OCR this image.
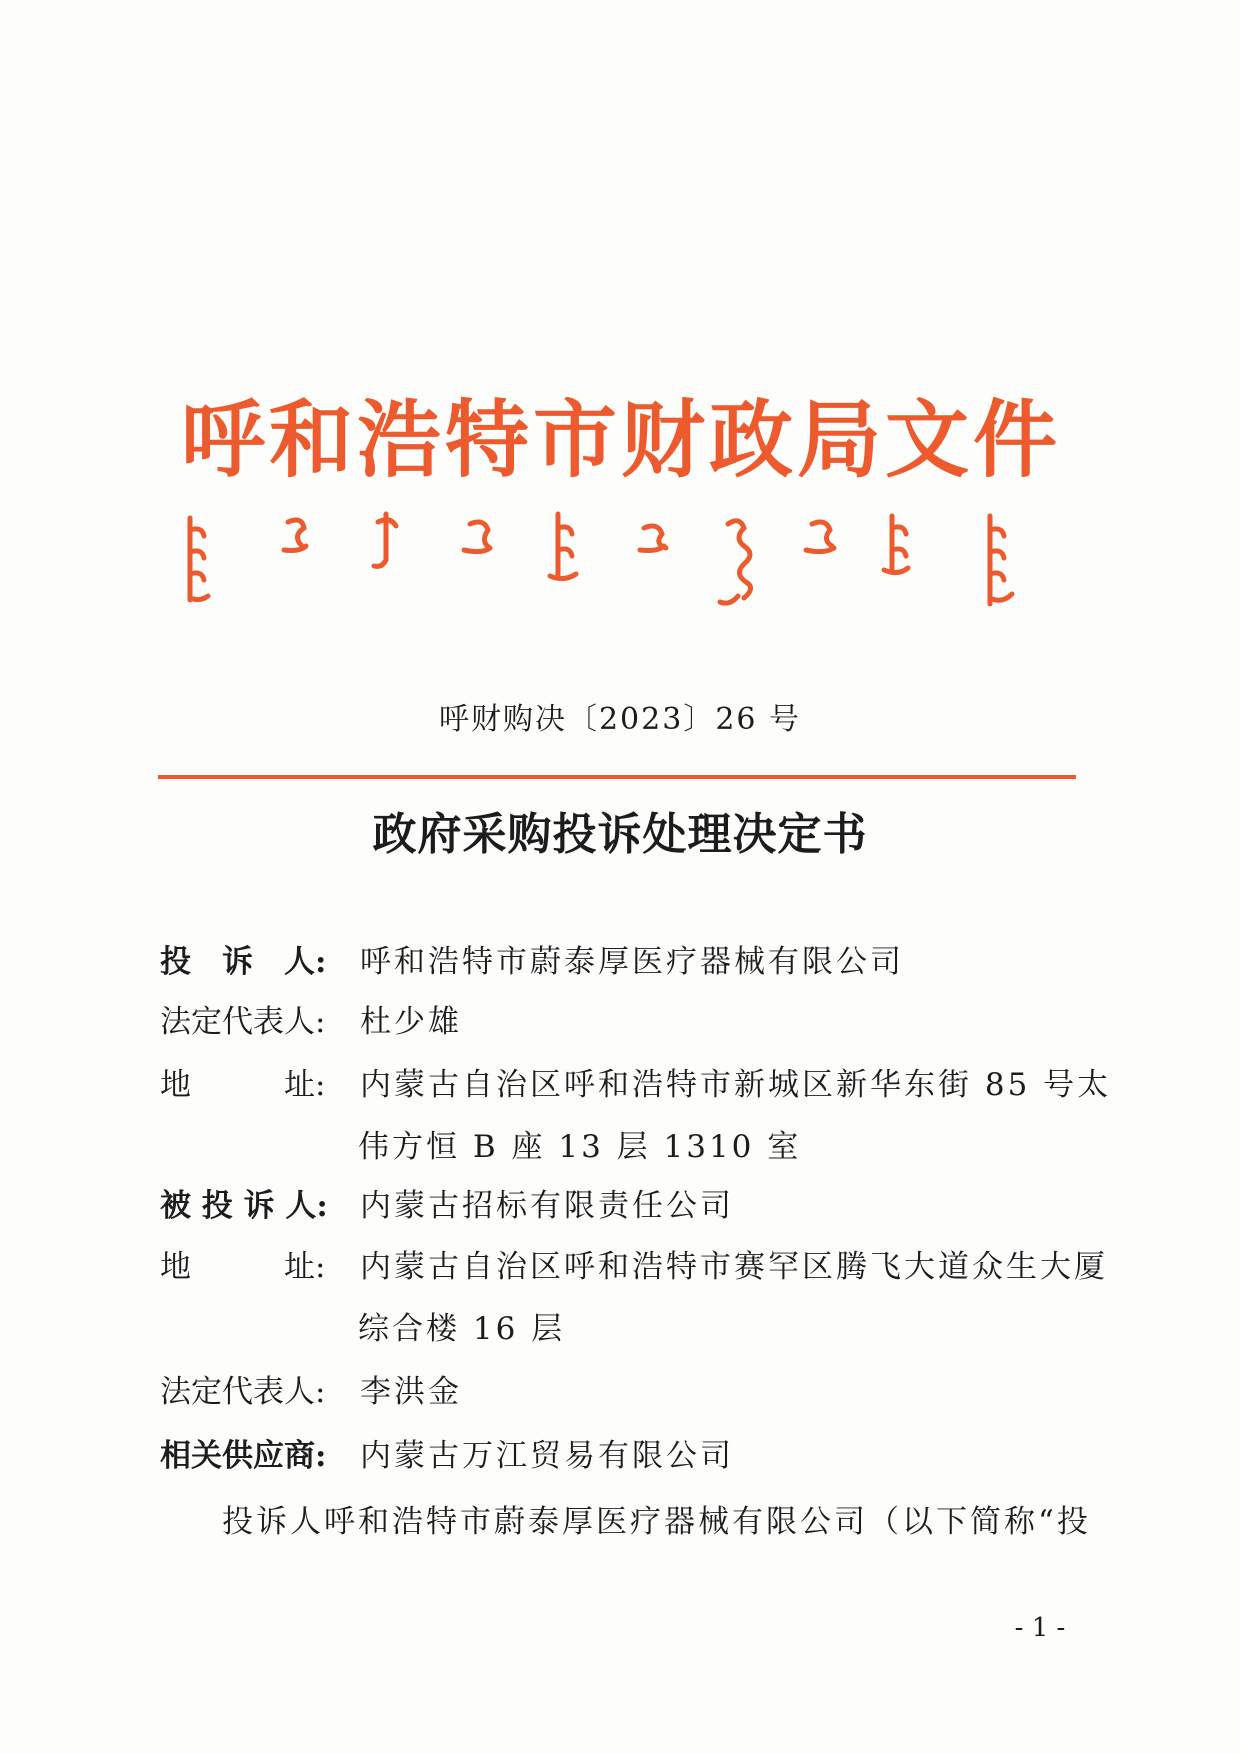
呼 和 浩 特 市 财 政 局 文 件
呼财购决〔2023〕26 号
政府采购投诉处理决定书
投　诉　人: 呼和浩特市蔚泰厚医疗器械有限公司
法定代表人: 杜少雄
地　　　址: 内蒙古自治区呼和浩特市新城区新华东街 85 号太
伟方恒 B 座 13 层 1310 室
被 投 诉 人: 内蒙古招标有限责任公司
地　　　址: 内蒙古自治区呼和浩特市赛罕区腾飞大道众生大厦
综合楼 16 层
法定代表人: 李洪金
相关供应商: 内蒙古万江贸易有限公司
投诉人呼和浩特市蔚泰厚医疗器械有限公司（以下简称“投
- 1 -
